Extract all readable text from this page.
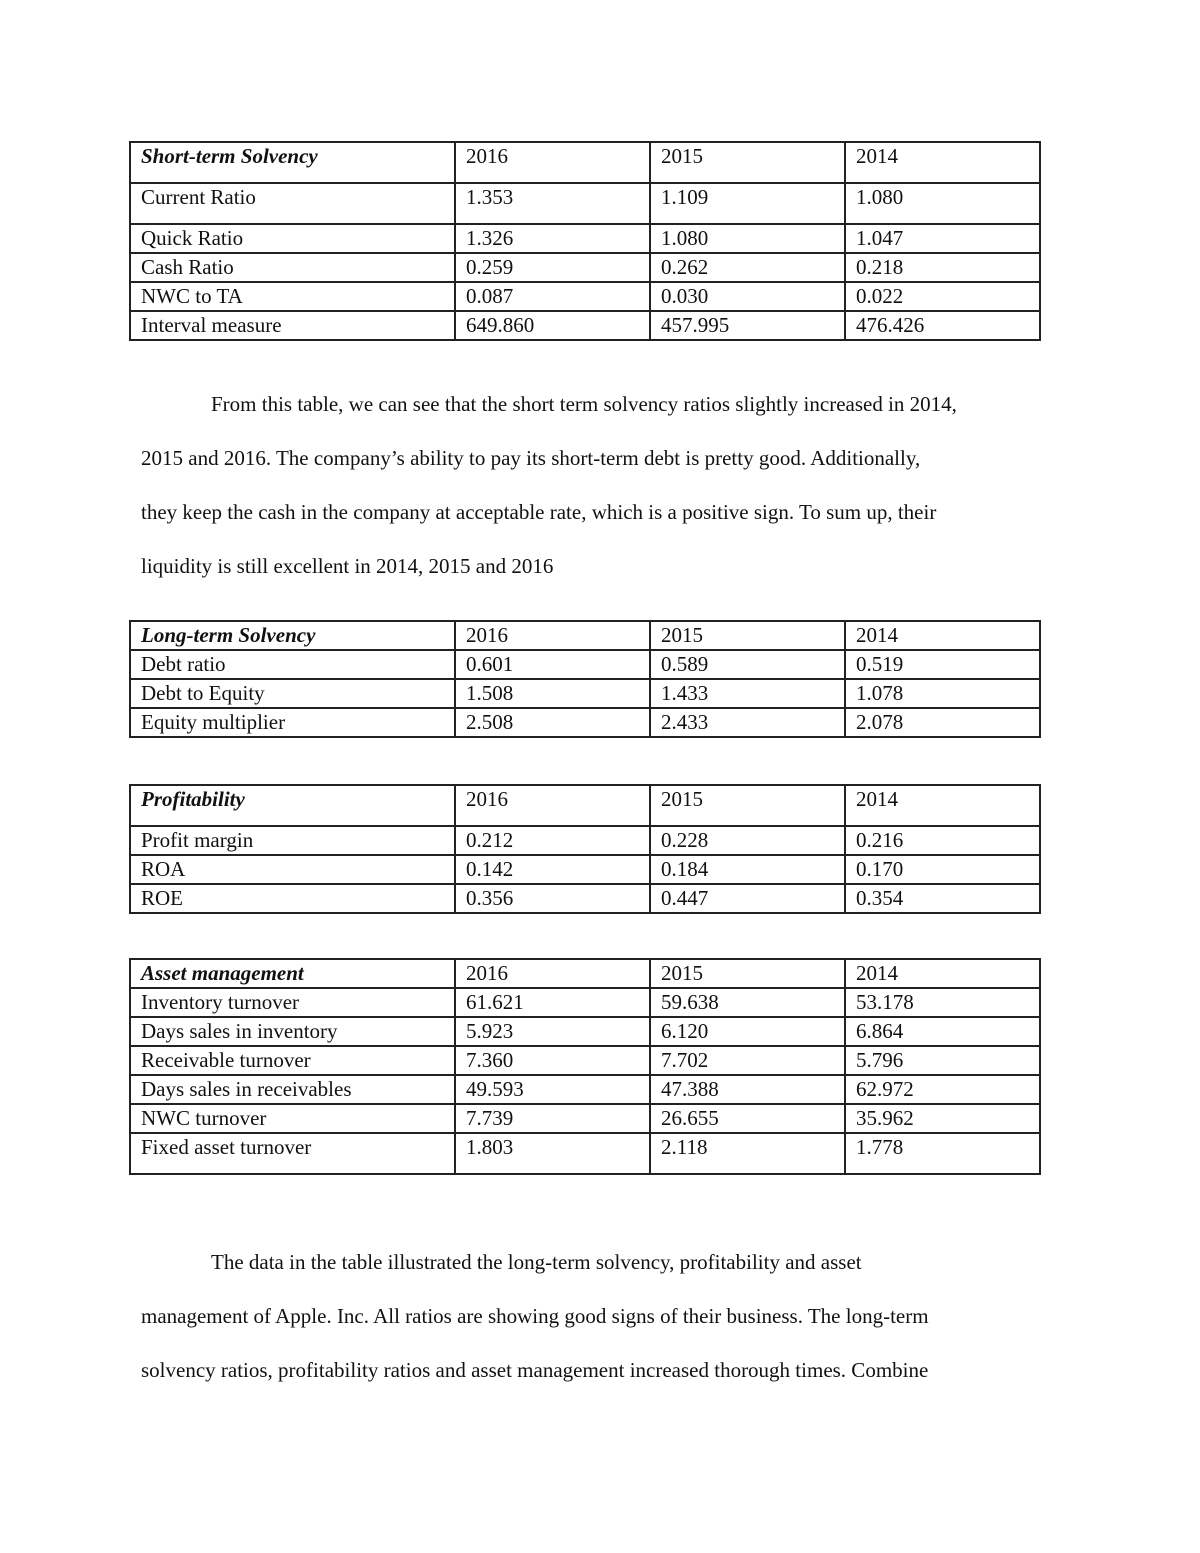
Short-term Solvency	2016	2015	2014
Current Ratio	1.353	1.109	1.080
Quick Ratio	1.326	1.080	1.047
Cash Ratio	0.259	0.262	0.218
NWC to TA	0.087	0.030	0.022
Interval measure	649.860	457.995	476.426
From this table, we can see that the short term solvency ratios slightly increased in 2014,
2015 and 2016. The company’s ability to pay its short-term debt is pretty good. Additionally,
they keep the cash in the company at acceptable rate, which is a positive sign. To sum up, their
liquidity is still excellent in 2014, 2015 and 2016
Long-term Solvency	2016	2015	2014
Debt ratio	0.601	0.589	0.519
Debt to Equity	1.508	1.433	1.078
Equity multiplier	2.508	2.433	2.078
Profitability	2016	2015	2014
Profit margin	0.212	0.228	0.216
ROA	0.142	0.184	0.170
ROE	0.356	0.447	0.354
Asset management	2016	2015	2014
Inventory turnover	61.621	59.638	53.178
Days sales in inventory	5.923	6.120	6.864
Receivable turnover	7.360	7.702	5.796
Days sales in receivables	49.593	47.388	62.972
NWC turnover	7.739	26.655	35.962
Fixed asset turnover	1.803	2.118	1.778
The data in the table illustrated the long-term solvency, profitability and asset
management of Apple. Inc. All ratios are showing good signs of their business. The long-term
solvency ratios, profitability ratios and asset management increased thorough times. Combine
